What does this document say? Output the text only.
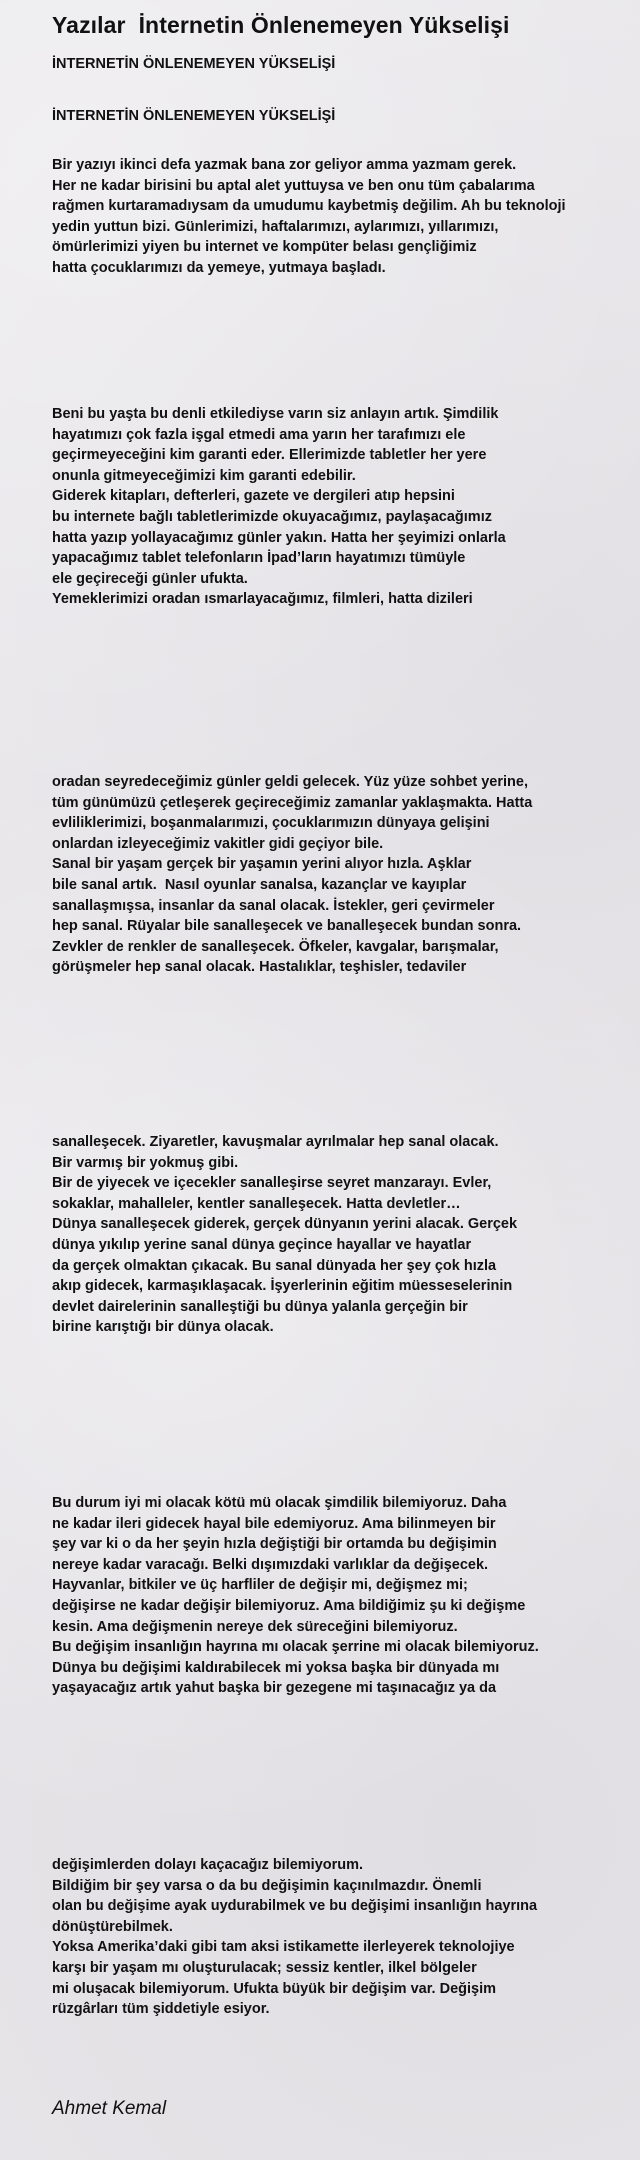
Yazılar  İnternetin Önlenemeyen Yükselişi

İNTERNETİN ÖNLENEMEYEN YÜKSELİŞİ

İNTERNETİN ÖNLENEMEYEN YÜKSELİŞİ

Bir yazıyı ikinci defa yazmak bana zor geliyor amma yazmam gerek.
Her ne kadar birisini bu aptal alet yuttuysa ve ben onu tüm çabalarıma
rağmen kurtaramadıysam da umudumu kaybetmiş değilim. Ah bu teknoloji
yedin yuttun bizi. Günlerimizi, haftalarımızı, aylarımızı, yıllarımızı,
ömürlerimizi yiyen bu internet ve kompüter belası gençliğimiz
hatta çocuklarımızı da yemeye, yutmaya başladı.
Beni bu yaşta bu denli etkilediyse varın siz anlayın artık. Şimdilik
hayatımızı çok fazla işgal etmedi ama yarın her tarafımızı ele
geçirmeyeceğini kim garanti eder. Ellerimizde tabletler her yere
onunla gitmeyeceğimizi kim garanti edebilir.
Giderek kitapları, defterleri, gazete ve dergileri atıp hepsini
bu internete bağlı tabletlerimizde okuyacağımız, paylaşacağımız
hatta yazıp yollayacağımız günler yakın. Hatta her şeyimizi onlarla
yapacağımız tablet telefonların İpad’ların hayatımızı tümüyle
ele geçireceği günler ufukta.
Yemeklerimizi oradan ısmarlayacağımız, filmleri, hatta dizileri
oradan seyredeceğimiz günler geldi gelecek. Yüz yüze sohbet yerine,
tüm günümüzü çetleşerek geçireceğimiz zamanlar yaklaşmakta. Hatta
evliliklerimizi, boşanmalarımızi, çocuklarımızın dünyaya gelişini
onlardan izleyeceğimiz vakitler gidi geçiyor bile.
Sanal bir yaşam gerçek bir yaşamın yerini alıyor hızla. Aşklar
bile sanal artık.  Nasıl oyunlar sanalsa, kazançlar ve kayıplar
sanallaşmışsa, insanlar da sanal olacak. İstekler, geri çevirmeler
hep sanal. Rüyalar bile sanalleşecek ve banalleşecek bundan sonra.
Zevkler de renkler de sanalleşecek. Öfkeler, kavgalar, barışmalar,
görüşmeler hep sanal olacak. Hastalıklar, teşhisler, tedaviler
sanalleşecek. Ziyaretler, kavuşmalar ayrılmalar hep sanal olacak.
Bir varmış bir yokmuş gibi.
Bir de yiyecek ve içecekler sanalleşirse seyret manzarayı. Evler,
sokaklar, mahalleler, kentler sanalleşecek. Hatta devletler…
Dünya sanalleşecek giderek, gerçek dünyanın yerini alacak. Gerçek
dünya yıkılıp yerine sanal dünya geçince hayallar ve hayatlar
da gerçek olmaktan çıkacak. Bu sanal dünyada her şey çok hızla
akıp gidecek, karmaşıklaşacak. İşyerlerinin eğitim müesseselerinin
devlet dairelerinin sanalleştiği bu dünya yalanla gerçeğin bir
birine karıştığı bir dünya olacak.
Bu durum iyi mi olacak kötü mü olacak şimdilik bilemiyoruz. Daha
ne kadar ileri gidecek hayal bile edemiyoruz. Ama bilinmeyen bir
şey var ki o da her şeyin hızla değiştiği bir ortamda bu değişimin
nereye kadar varacağı. Belki dışımızdaki varlıklar da değişecek.
Hayvanlar, bitkiler ve üç harfliler de değişir mi, değişmez mi;
değişirse ne kadar değişir bilemiyoruz. Ama bildiğimiz şu ki değişme
kesin. Ama değişmenin nereye dek süreceğini bilemiyoruz.
Bu değişim insanlığın hayrına mı olacak şerrine mi olacak bilemiyoruz.
Dünya bu değişimi kaldırabilecek mi yoksa başka bir dünyada mı
yaşayacağız artık yahut başka bir gezegene mi taşınacağız ya da
değişimlerden dolayı kaçacağız bilemiyorum.
Bildiğim bir şey varsa o da bu değişimin kaçınılmazdır. Önemli
olan bu değişime ayak uydurabilmek ve bu değişimi insanlığın hayrına
dönüştürebilmek.
Yoksa Amerika’daki gibi tam aksi istikamette ilerleyerek teknolojiye
karşı bir yaşam mı oluşturulacak; sessiz kentler, ilkel bölgeler
mi oluşacak bilemiyorum. Ufukta büyük bir değişim var. Değişim
rüzgârları tüm şiddetiyle esiyor.

Ahmet Kemal
